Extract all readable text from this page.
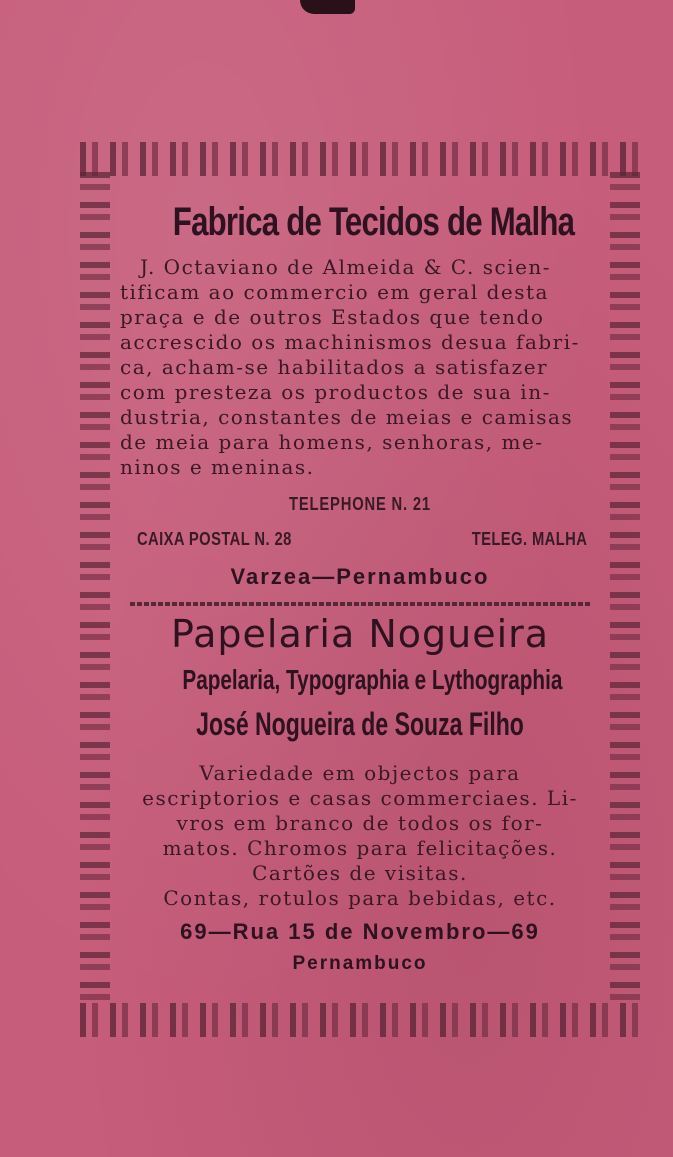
Fabrica de Tecidos de Malha

J. Octaviano de Almeida & C. scien-
tificam ao commercio em geral desta
praça e de outros Estados que tendo
accrescido os machinismos desua fabri-
ca, acham-se habilitados a satisfazer
com presteza os productos de sua in-
dustria, constantes de meias e camisas
de meia para homens, senhoras, me-
ninos e meninas.

TELEPHONE N. 21
CAIXA POSTAL N. 28	TELEG. MALHA
Varzea—Pernambuco
Papelaria Nogueira
Papelaria, Typographia e Lythographia
José Nogueira de Souza Filho

Variedade em objectos para
escriptorios e casas commerciaes. Li-
vros em branco de todos os for-
matos. Chromos para felicitações.
Cartões de visitas.
Contas, rotulos para bebidas, etc.

69—Rua 15 de Novembro—69
Pernambuco
